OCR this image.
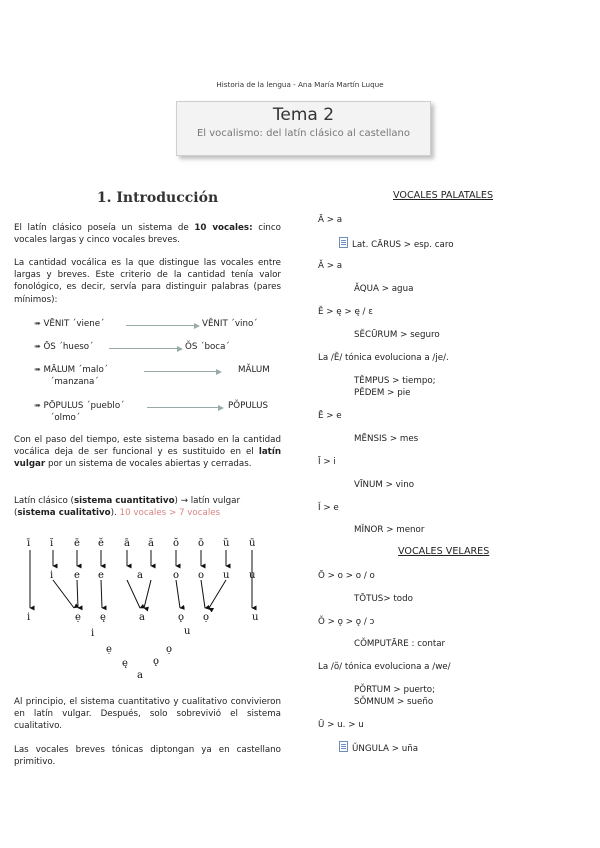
Historia de la lengua - Ana María Martín Luque
Tema 2
El vocalismo: del latín clásico al castellano
1. Introducción
El latín clásico poseía un sistema de 10 vocales: cinco vocales largas y cinco vocales breves.
La cantidad vocálica es la que distingue las vocales entre largas y breves. Este criterio de la cantidad tenía valor fonológico, es decir, servía para distinguir palabras (pares mínimos):
➠ VĒNIT ´viene´	VĔNIT ´vino´
➠ ŌS ´hueso´	ŎS ´boca´
➠ MĀLUM ´malo´	MĂLUM
´manzana´
➠ PŌPULUS ´pueblo´	PŎPULUS
´olmo´
Con el paso del tiempo, este sistema basado en la cantidad vocálica deja de ser funcional y es sustituido en el latín vulgar por un sistema de vocales abiertas y cerradas.
Latín clásico (sistema cuantitativo) → latín vulgar (sistema cualitativo). 10 vocales > 7 vocales
ī ĭ ē ĕ ā ă ŏ ō ŭ ū
i e e	a	o o u u
i	ẹ ę	a	ǫ ọ	u
i	u
ẹ	ọ
ę	ǫ
a
Al principio, el sistema cuantitativo y cualitativo convivieron en latín vulgar. Después, solo sobrevivió el sistema cualitativo.
Las vocales breves tónicas diptongan ya en castellano primitivo.
VOCALES PALATALES
Ā > a
Lat. CĀRUS > esp. caro
Ă > a
ĂQUA > agua
Ĕ > ę > ę / ɛ
SĔCŪRUM > seguro
La /Ĕ/ tónica evoluciona a /je/.
TĔMPUS > tiempo;
PĔDEM > pie
Ē > e
MĒNSIS > mes
Ī > i
VĪNUM > vino
Ĭ > e
MĬNOR > menor
VOCALES VELARES
Ō > o > o / o
TŌTUS> todo
Ŏ > ǫ > ǫ / ɔ
CŎMPUTĀRE : contar
La /ŏ/ tónica evoluciona a /we/
PŎRTUM > puerto;
SŎMNUM > sueño
Ū > u. > u
ŬNGULA > uña
